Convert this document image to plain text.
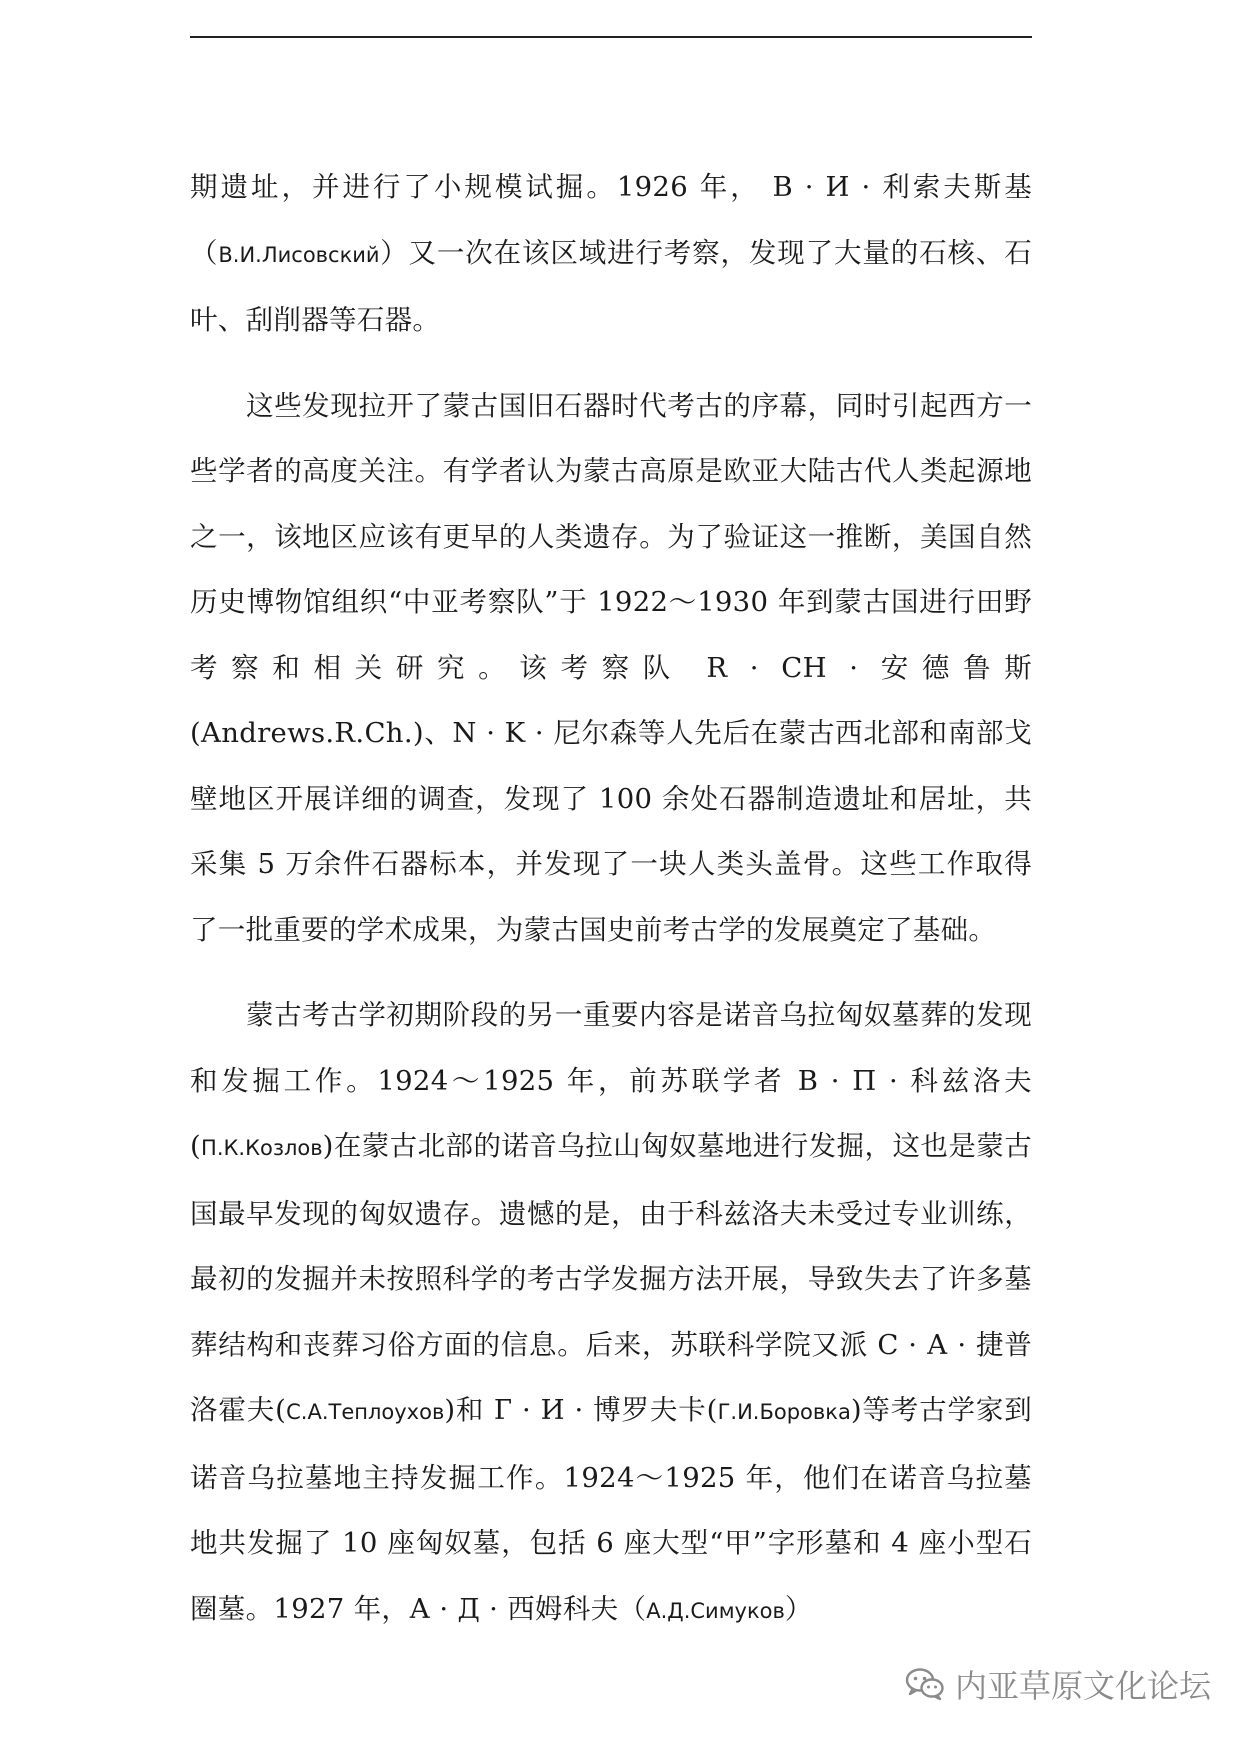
期遗址，并进行了小规模试掘。1926 年， В · И · 利索夫斯基（В.И.Лисовский）又一次在该区域进行考察，发现了大量的石核、石叶、刮削器等石器。

这些发现拉开了蒙古国旧石器时代考古的序幕，同时引起西方一些学者的高度关注。有学者认为蒙古高原是欧亚大陆古代人类起源地之一，该地区应该有更早的人类遗存。为了验证这一推断，美国自然历史博物馆组织“中亚考察队”于 1922～1930 年到蒙古国进行田野考察和相关研究。该考察队 R · CH · 安德鲁斯 (Andrews.R.Ch.)、N · K · 尼尔森等人先后在蒙古西北部和南部戈壁地区开展详细的调查，发现了 100 余处石器制造遗址和居址，共采集 5 万余件石器标本，并发现了一块人类头盖骨。这些工作取得了一批重要的学术成果，为蒙古国史前考古学的发展奠定了基础。

蒙古考古学初期阶段的另一重要内容是诺音乌拉匈奴墓葬的发现和发掘工作。1924～1925 年，前苏联学者 В · П · 科兹洛夫 (П.К.Козлов)在蒙古北部的诺音乌拉山匈奴墓地进行发掘，这也是蒙古国最早发现的匈奴遗存。遗憾的是，由于科兹洛夫未受过专业训练，最初的发掘并未按照科学的考古学发掘方法开展，导致失去了许多墓葬结构和丧葬习俗方面的信息。后来，苏联科学院又派 С · А · 捷普洛霍夫(С.А.Теплоухов)和 Г · И · 博罗夫卡(Г.И.Боровка)等考古学家到诺音乌拉墓地主持发掘工作。1924～1925 年，他们在诺音乌拉墓地共发掘了 10 座匈奴墓，包括 6 座大型“甲”字形墓和 4 座小型石圈墓。1927 年，А · Д · 西姆科夫（А.Д.Симуков）

内亚草原文化论坛
